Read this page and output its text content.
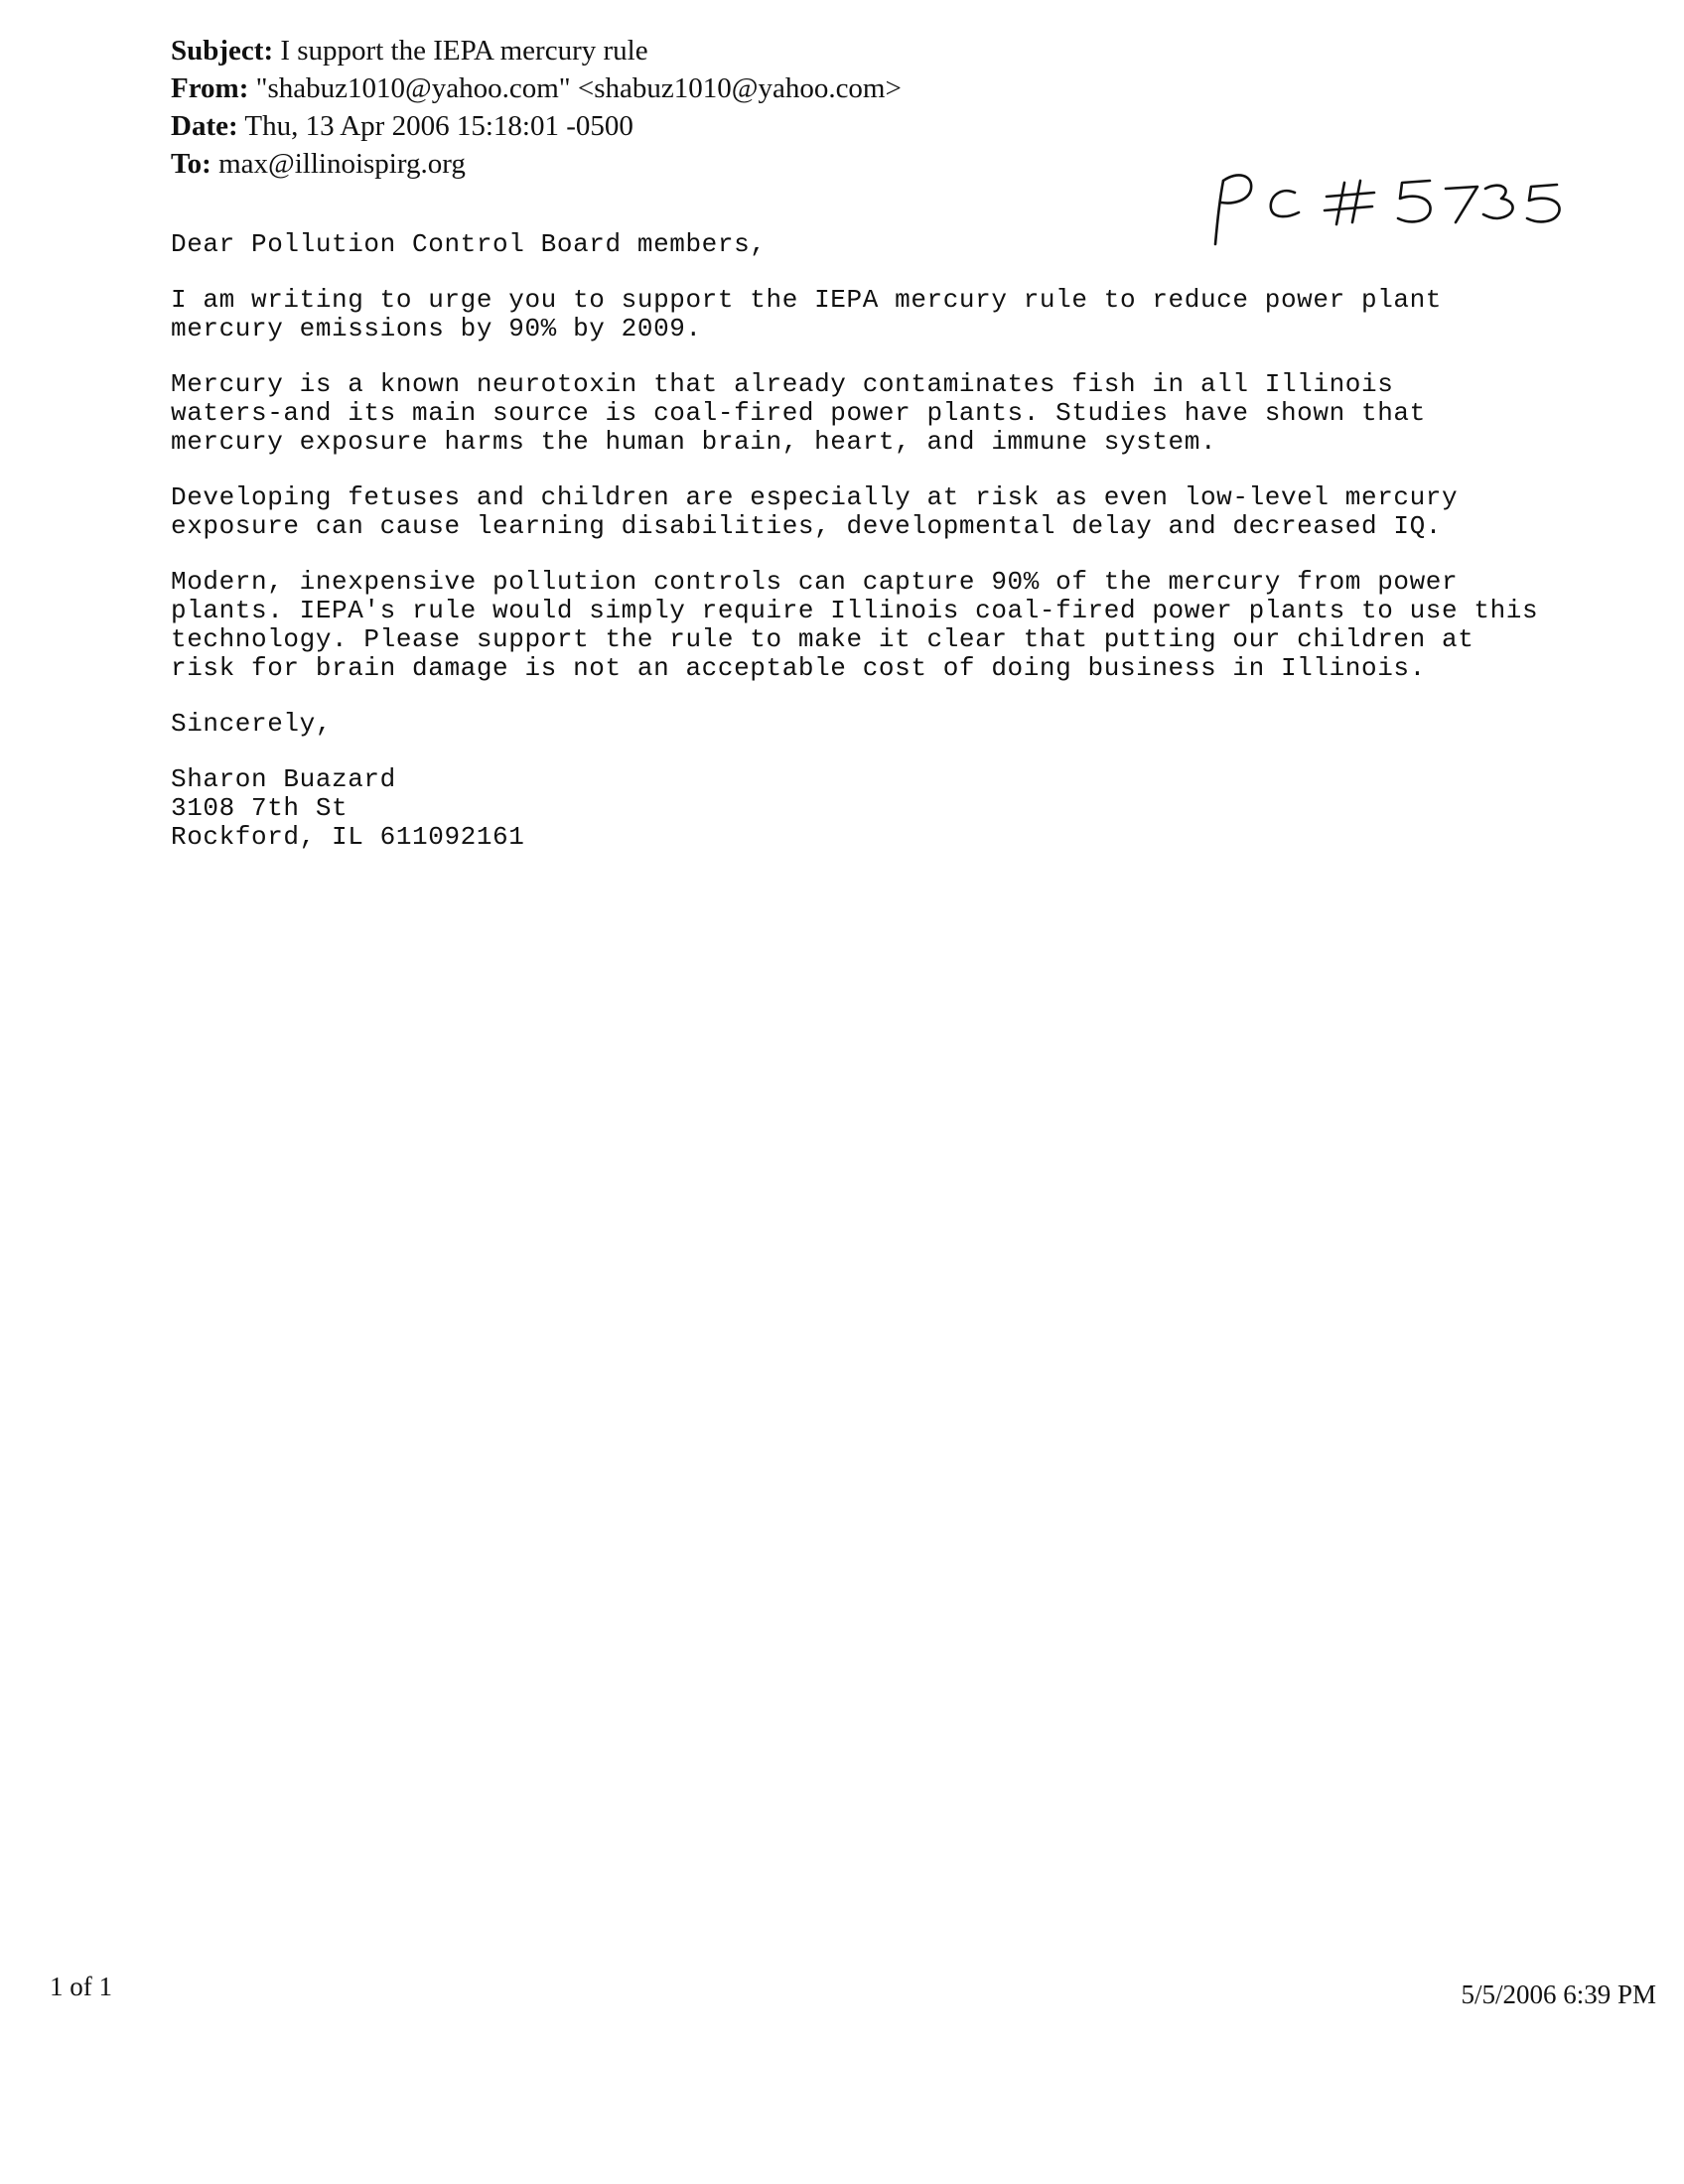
Subject: I support the IEPA mercury rule
From: "shabuz1010@yahoo.com" <shabuz1010@yahoo.com>
Date: Thu, 13 Apr 2006 15:18:01 -0500
To: max@illinoispirg.org
Dear Pollution Control Board members,
I am writing to urge you to support the IEPA mercury rule to reduce power plant
mercury emissions by 90% by 2009.
Mercury is a known neurotoxin that already contaminates fish in all Illinois
waters-and its main source is coal-fired power plants. Studies have shown that
mercury exposure harms the human brain, heart, and immune system.
Developing fetuses and children are especially at risk as even low-level mercury
exposure can cause learning disabilities, developmental delay and decreased IQ.
Modern, inexpensive pollution controls can capture 90% of the mercury from power
plants. IEPA's rule would simply require Illinois coal-fired power plants to use this
technology. Please support the rule to make it clear that putting our children at
risk for brain damage is not an acceptable cost of doing business in Illinois.
Sincerely,
Sharon Buazard
3108 7th St
Rockford, IL 611092161
1 of 1	5/5/2006 6:39 PM
